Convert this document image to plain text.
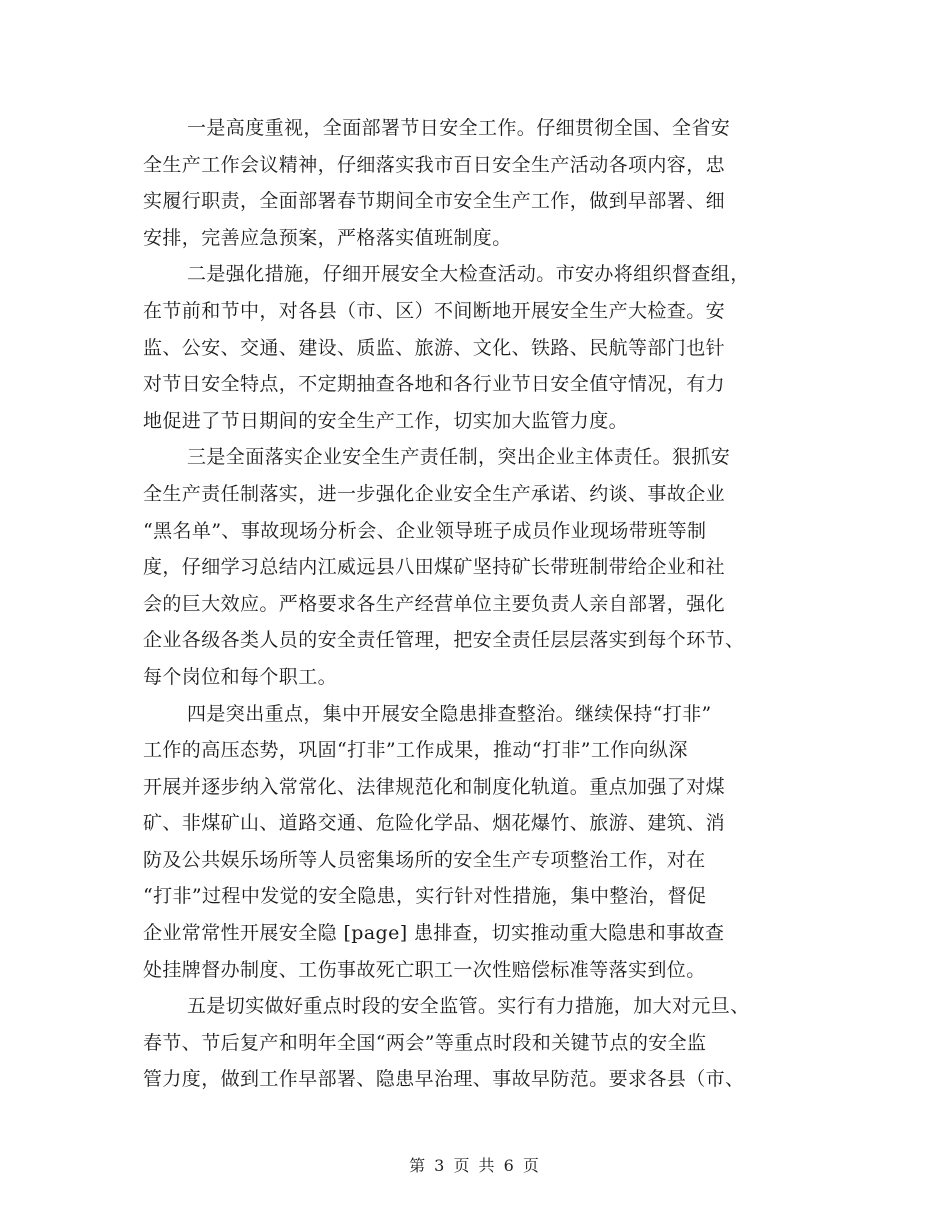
一是高度重视，全面部署节日安全工作。仔细贯彻全国、全省安
全生产工作会议精神，仔细落实我市百日安全生产活动各项内容，忠
实履行职责，全面部署春节期间全市安全生产工作，做到早部署、细
安排，完善应急预案，严格落实值班制度。
二是强化措施，仔细开展安全大检查活动。市安办将组织督查组，
在节前和节中，对各县（市、区）不间断地开展安全生产大检查。安
监、公安、交通、建设、质监、旅游、文化、铁路、民航等部门也针
对节日安全特点，不定期抽查各地和各行业节日安全值守情况，有力
地促进了节日期间的安全生产工作，切实加大监管力度。
三是全面落实企业安全生产责任制，突出企业主体责任。狠抓安
全生产责任制落实，进一步强化企业安全生产承诺、约谈、事故企业
“黑名单”、事故现场分析会、企业领导班子成员作业现场带班等制
度，仔细学习总结内江威远县八田煤矿坚持矿长带班制带给企业和社
会的巨大效应。严格要求各生产经营单位主要负责人亲自部署，强化
企业各级各类人员的安全责任管理，把安全责任层层落实到每个环节、
每个岗位和每个职工。
四是突出重点，集中开展安全隐患排查整治。继续保持“打非”
工作的高压态势，巩固“打非”工作成果，推动“打非”工作向纵深
开展并逐步纳入常常化、法律规范化和制度化轨道。重点加强了对煤
矿、非煤矿山、道路交通、危险化学品、烟花爆竹、旅游、建筑、消
防及公共娱乐场所等人员密集场所的安全生产专项整治工作，对在
“打非”过程中发觉的安全隐患，实行针对性措施，集中整治，督促
企业常常性开展安全隐 [page] 患排查，切实推动重大隐患和事故查
处挂牌督办制度、工伤事故死亡职工一次性赔偿标准等落实到位。
五是切实做好重点时段的安全监管。实行有力措施，加大对元旦、
春节、节后复产和明年全国“两会”等重点时段和关键节点的安全监
管力度，做到工作早部署、隐患早治理、事故早防范。要求各县（市、
第 3 页 共 6 页
